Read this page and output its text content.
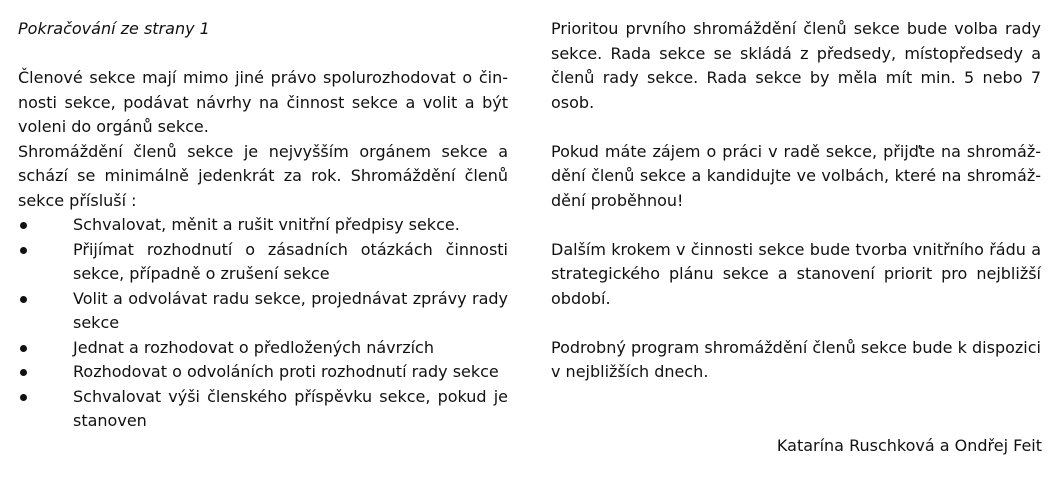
Pokračování ze strany 1

Členové sekce mají mimo jiné právo spolurozhodovat o činnosti sekce, podávat návrhy na činnost sekce a volit a být voleni do orgánů sekce.

Shromáždění členů sekce je nejvyšším orgánem sekce a schází se minimálně jedenkrát za rok. Shromáždění členů sekce přísluší :

Schvalovat, měnit a rušit vnitřní předpisy sekce.
Přijímat rozhodnutí o zásadních otázkách činnosti sekce, případně o zrušení sekce
Volit a odvolávat radu sekce, projednávat zprávy rady sekce
Jednat a rozhodovat o předložených návrzích
Rozhodovat o odvoláních proti rozhodnutí rady sekce
Schvalovat výši členského příspěvku sekce, pokud je stanoven

Prioritou prvního shromáždění členů sekce bude volba rady sekce. Rada sekce se skládá z předsedy, místopředsedy a členů rady sekce. Rada sekce by měla mít min. 5 nebo 7 osob.

Pokud máte zájem o práci v radě sekce, přijďte na shromáždění členů sekce a kandidujte ve volbách, které na shromáždění proběhnou!

Dalším krokem v činnosti sekce bude tvorba vnitřního řádu a strategického plánu sekce a stanovení priorit pro nejbližší období.

Podrobný program shromáždění členů sekce bude k dispozici v nejbližších dnech.

Katarína Ruschková a Ondřej Feit
